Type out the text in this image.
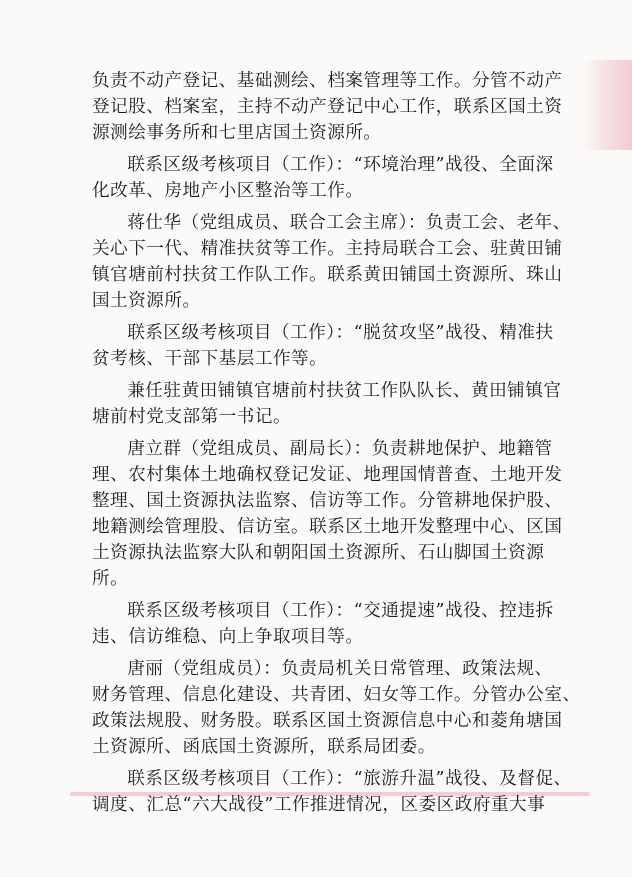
负责不动产登记、基础测绘、档案管理等工作。分管不动产
登记股、档案室，主持不动产登记中心工作，联系区国土资
源测绘事务所和七里店国土资源所。
联系区级考核项目（工作）：“环境治理”战役、全面深
化改革、房地产小区整治等工作。
蒋仕华（党组成员、联合工会主席）：负责工会、老年、
关心下一代、精准扶贫等工作。主持局联合工会、驻黄田铺
镇官塘前村扶贫工作队工作。联系黄田铺国土资源所、珠山
国土资源所。
联系区级考核项目（工作）：“脱贫攻坚”战役、精准扶
贫考核、干部下基层工作等。
兼任驻黄田铺镇官塘前村扶贫工作队队长、黄田铺镇官
塘前村党支部第一书记。
唐立群（党组成员、副局长）：负责耕地保护、地籍管
理、农村集体土地确权登记发证、地理国情普查、土地开发
整理、国土资源执法监察、信访等工作。分管耕地保护股、
地籍测绘管理股、信访室。联系区土地开发整理中心、区国
土资源执法监察大队和朝阳国土资源所、石山脚国土资源
所。
联系区级考核项目（工作）：“交通提速”战役、控违拆
违、信访维稳、向上争取项目等。
唐丽（党组成员）：负责局机关日常管理、政策法规、
财务管理、信息化建设、共青团、妇女等工作。分管办公室、
政策法规股、财务股。联系区国土资源信息中心和菱角塘国
土资源所、函底国土资源所，联系局团委。
联系区级考核项目（工作）：“旅游升温”战役、及督促、
调度、汇总“六大战役”工作推进情况，区委区政府重大事
